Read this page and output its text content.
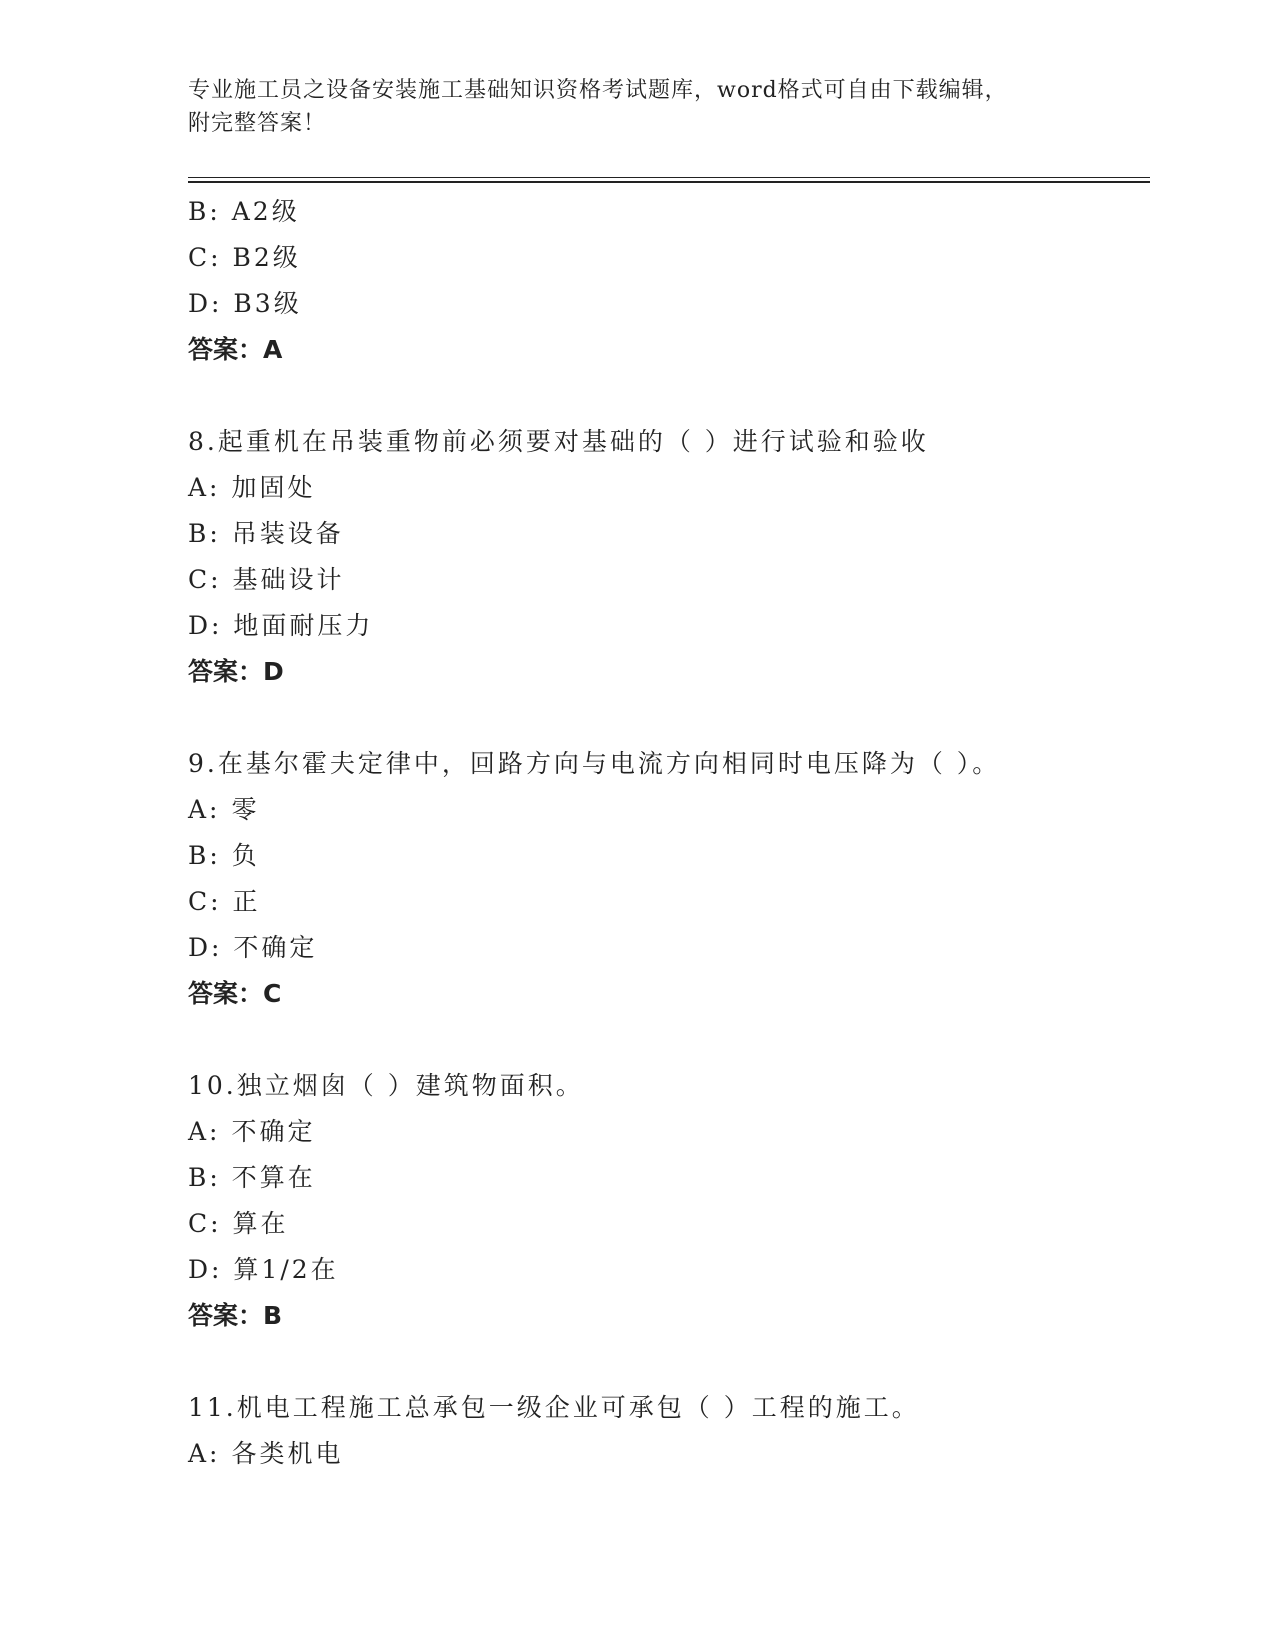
专业施工员之设备安装施工基础知识资格考试题库，word格式可自由下载编辑，
附完整答案！
B: A2级
C: B2级
D: B3级
答案：A
8.起重机在吊装重物前必须要对基础的（ ）进行试验和验收
A: 加固处
B: 吊装设备
C: 基础设计
D: 地面耐压力
答案：D
9.在基尔霍夫定律中，回路方向与电流方向相同时电压降为（ ）。
A: 零
B: 负
C: 正
D: 不确定
答案：C
10.独立烟囱（ ）建筑物面积。
A: 不确定
B: 不算在
C: 算在
D: 算1/2在
答案：B
11.机电工程施工总承包一级企业可承包（ ）工程的施工。
A: 各类机电
